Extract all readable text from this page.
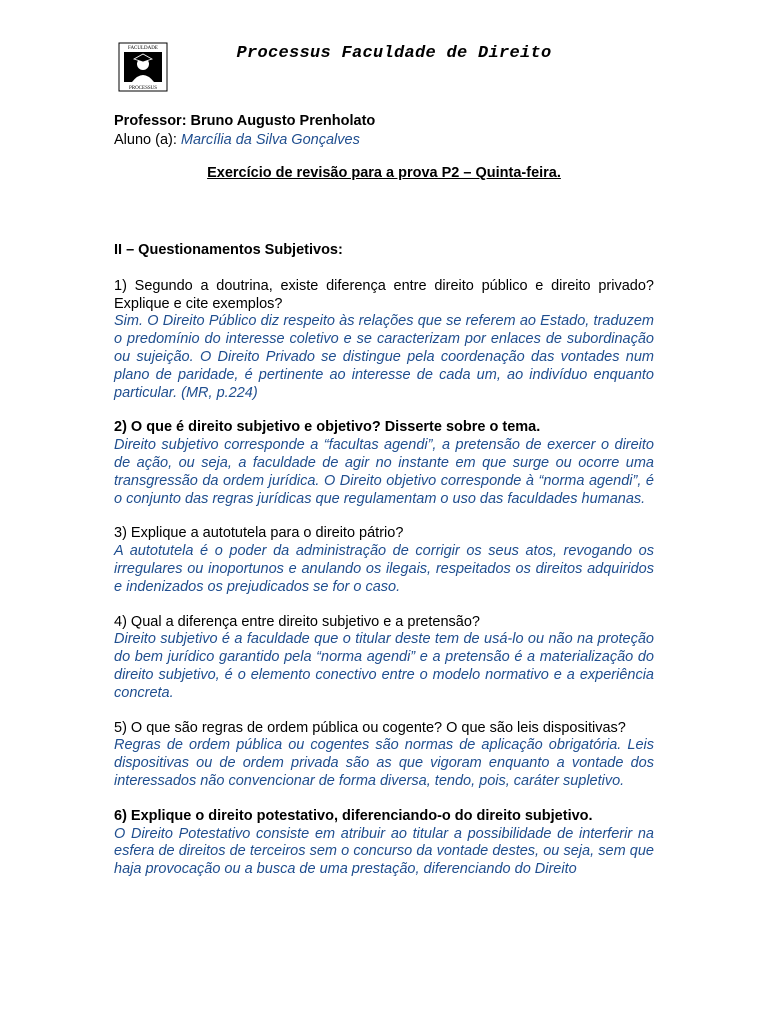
FACULDADE
PROCESSUS
Processus Faculdade de Direito
Professor: Bruno Augusto Prenholato
Aluno (a): Marcília da Silva Gonçalves
Exercício de revisão para a prova P2 – Quinta-feira.

II – Questionamentos Subjetivos:

1) Segundo a doutrina, existe diferença entre direito público e direito privado? Explique e cite exemplos?

Sim. O Direito Público diz respeito às relações que se referem ao Estado, traduzem o predomínio do interesse coletivo e se caracterizam por enlaces de subordinação ou sujeição. O Direito Privado se distingue pela coordenação das vontades num plano de paridade, é pertinente ao interesse de cada um, ao indivíduo enquanto particular. (MR, p.224)

2) O que é direito subjetivo e objetivo? Disserte sobre o tema.

Direito subjetivo corresponde a “facultas agendi”, a pretensão de exercer o direito de ação, ou seja, a faculdade de agir no instante em que surge ou ocorre uma transgressão da ordem jurídica. O Direito objetivo corresponde à “norma agendi”, é o conjunto das regras jurídicas que regulamentam o uso das faculdades humanas.

3) Explique a autotutela para o direito pátrio?

A autotutela é o poder da administração de corrigir os seus atos, revogando os irregulares ou inoportunos e anulando os ilegais, respeitados os direitos adquiridos e indenizados os prejudicados se for o caso.

4) Qual a diferença entre direito subjetivo e a pretensão?

Direito subjetivo é a faculdade que o titular deste tem de usá-lo ou não na proteção do bem jurídico garantido pela “norma agendi” e a pretensão é a materialização do direito subjetivo, é o elemento conectivo entre o modelo normativo e a experiência concreta.

5) O que são regras de ordem pública ou cogente? O que são leis dispositivas?

Regras de ordem pública ou cogentes são normas de aplicação obrigatória. Leis dispositivas ou de ordem privada são as que vigoram enquanto a vontade dos interessados não convencionar de forma diversa, tendo, pois, caráter supletivo.

6) Explique o direito potestativo, diferenciando-o do direito subjetivo.

O Direito Potestativo consiste em atribuir ao titular a possibilidade de interferir na esfera de direitos de terceiros sem o concurso da vontade destes, ou seja, sem que haja provocação ou a busca de uma prestação, diferenciando do Direito
